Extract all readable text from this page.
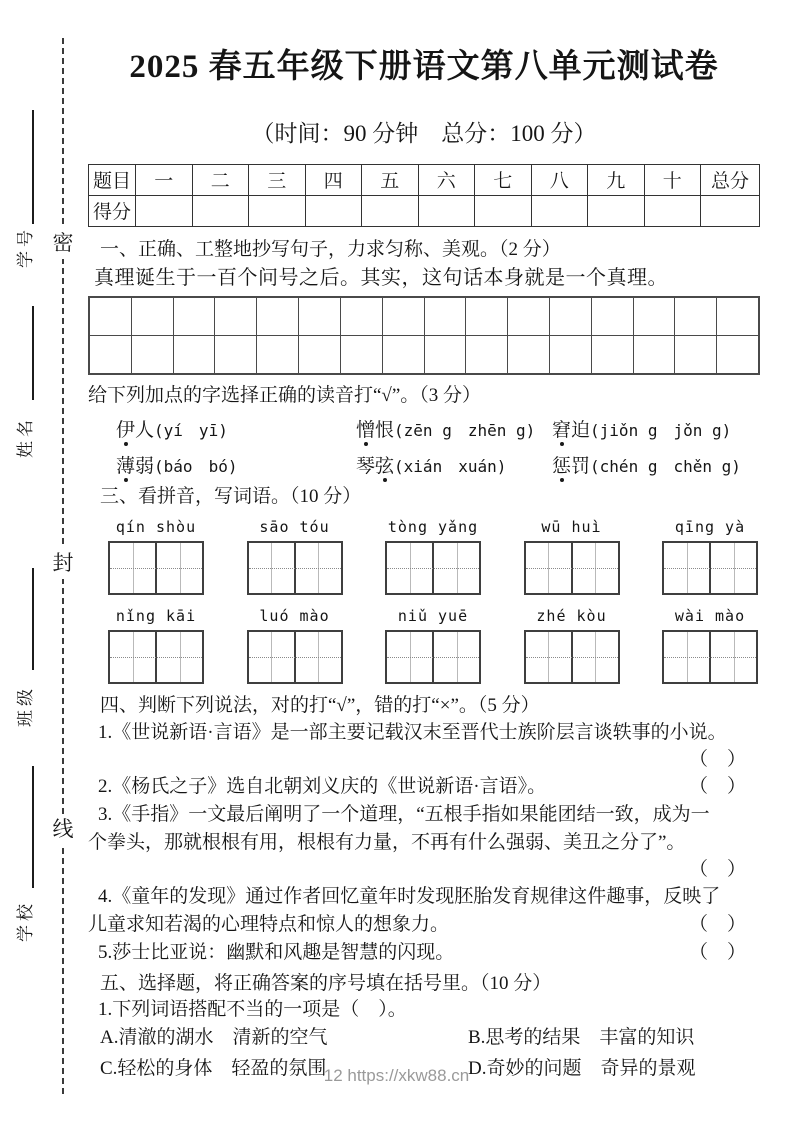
密
封
线
学号
姓名
班级
学校
2025 春五年级下册语文第八单元测试卷
（时间：90 分钟　总分：100 分）
题目	一	二	三	四	五	六	七	八	九	十	总分
得分											
一、正确、工整地抄写句子，力求匀称、美观。（2 分）
真理诞生于一百个问号之后。其实，这句话本身就是一个真理。
给下列加点的字选择正确的读音打“√”。（3 分）
伊人(yí　yī)	憎恨(zēn g　zhēn g) 窘迫(jiǒn g　jǒn g)
薄弱(báo　bó)	琴弦(xián　xuán)	惩罚(chén g　chěn g)
三、看拼音，写词语。（10 分）
qín shòu	sāo tóu	tòng yǎng	wū huì	qīng yà
nǐng kāi	luó mào	niǔ yuē	zhé kòu	wài mào
四、判断下列说法，对的打“√”，错的打“×”。（5 分）
1.《世说新语·言语》是一部主要记载汉末至晋代士族阶层言谈轶事的小说。
（　）
2.《杨氏之子》选自北朝刘义庆的《世说新语·言语》。	（　）
3.《手指》一文最后阐明了一个道理，“五根手指如果能团结一致，成为一
个拳头，那就根根有用，根根有力量，不再有什么强弱、美丑之分了”。
（　）
4.《童年的发现》通过作者回忆童年时发现胚胎发育规律这件趣事，反映了
儿童求知若渴的心理特点和惊人的想象力。	（　）
5.莎士比亚说：幽默和风趣是智慧的闪现。	（　）
五、选择题，将正确答案的序号填在括号里。（10 分）
1.下列词语搭配不当的一项是（　）。
A.清澈的湖水　清新的空气	B.思考的结果　丰富的知识
C.轻松的身体　轻盈的氛围	D.奇妙的问题　奇异的景观
12 https://xkw88.cn
